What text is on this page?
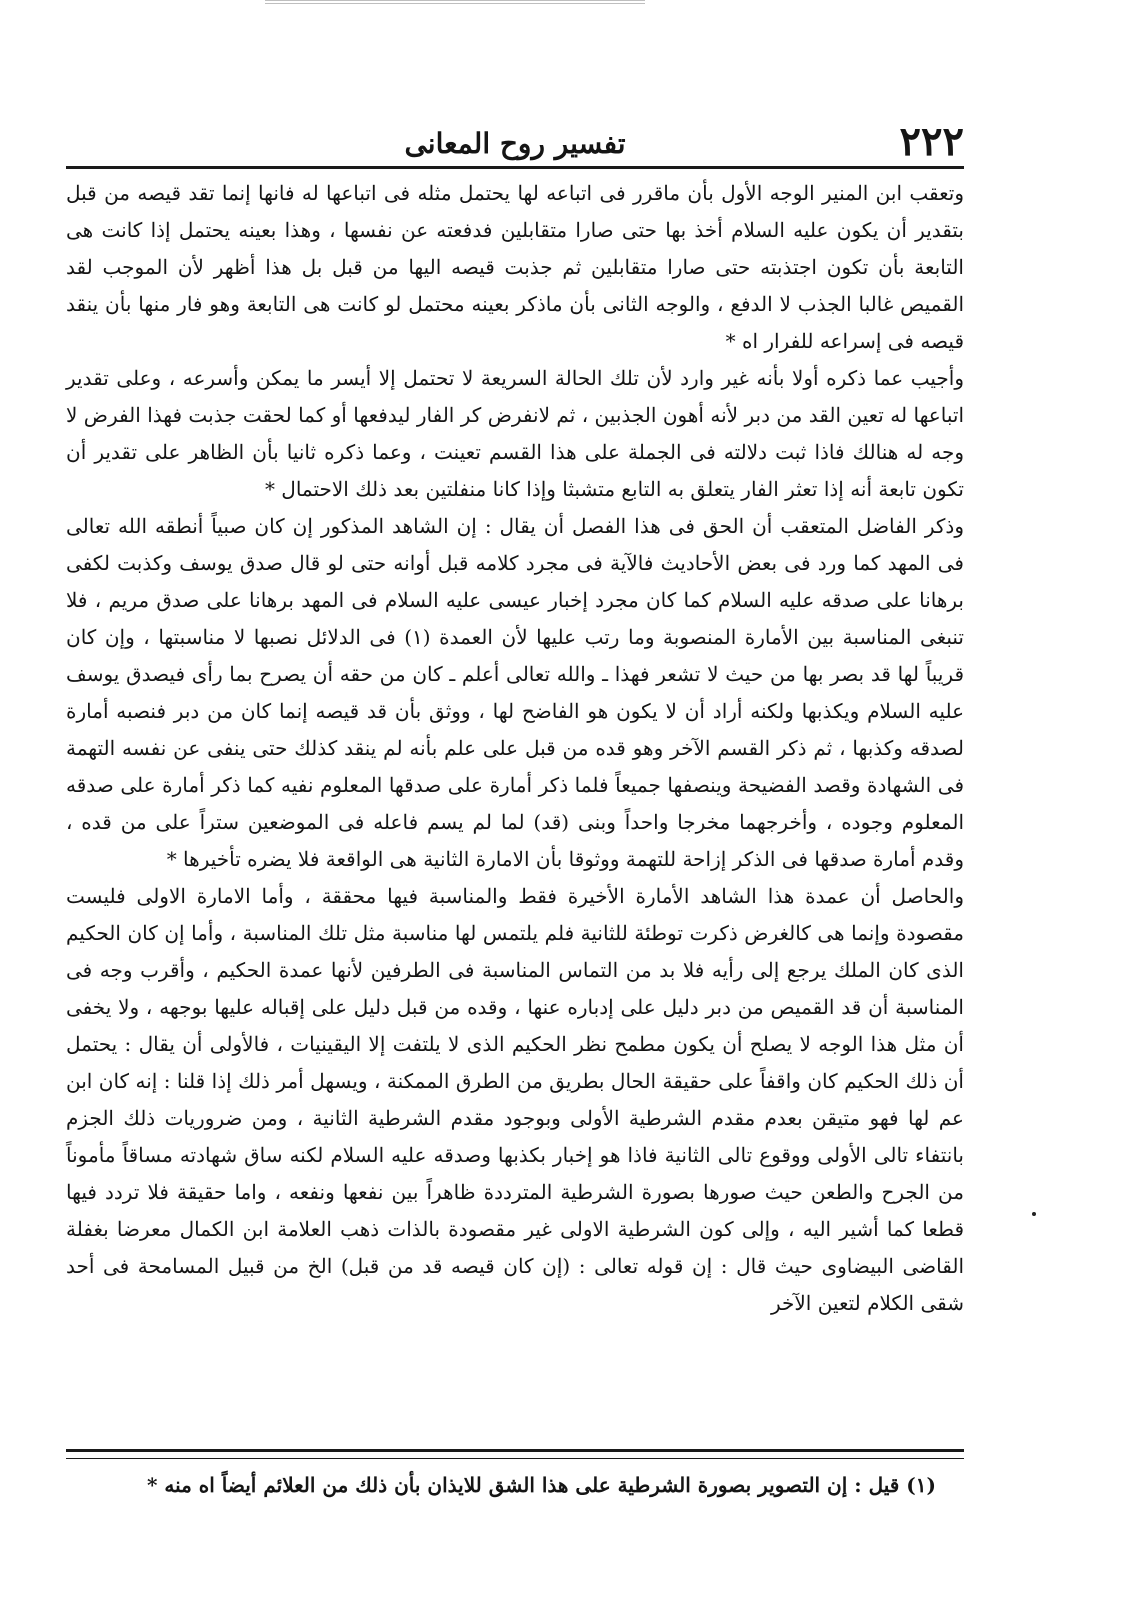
٢٢٢
تفسير روح المعانى

وتعقب ابن المنير الوجه الأول بأن ماقرر فى اتباعه لها يحتمل مثله فى اتباعها له فانها إنما تقد قيصه من قبل بتقدير أن يكون عليه السلام أخذ بها حتى صارا متقابلين فدفعته عن نفسها ، وهذا بعينه يحتمل إذا كانت هى التابعة بأن تكون اجتذبته حتى صارا متقابلين ثم جذبت قيصه اليها من قبل بل هذا أظهر لأن الموجب لقد القميص غالبا الجذب لا الدفع ، والوجه الثانى بأن ماذكر بعينه محتمل لو كانت هى التابعة وهو فار منها بأن ينقد قيصه فى إسراعه للفرار اه *

وأجيب عما ذكره أولا بأنه غير وارد لأن تلك الحالة السريعة لا تحتمل إلا أيسر ما يمكن وأسرعه ، وعلى تقدير اتباعها له تعين القد من دبر لأنه أهون الجذبين ، ثم لانفرض كر الفار ليدفعها أو كما لحقت جذبت فهذا الفرض لا وجه له هنالك فاذا ثبت دلالته فى الجملة على هذا القسم تعينت ، وعما ذكره ثانيا بأن الظاهر على تقدير أن تكون تابعة أنه إذا تعثر الفار يتعلق به التابع متشبثا وإذا كانا منفلتين بعد ذلك الاحتمال *

وذكر الفاضل المتعقب أن الحق فى هذا الفصل أن يقال : إن الشاهد المذكور إن كان صبياً أنطقه الله تعالى فى المهد كما ورد فى بعض الأحاديث فالآية فى مجرد كلامه قبل أوانه حتى لو قال صدق يوسف وكذبت لكفى برهانا على صدقه عليه السلام كما كان مجرد إخبار عيسى عليه السلام فى المهد برهانا على صدق مريم ، فلا تنبغى المناسبة بين الأمارة المنصوبة وما رتب عليها لأن العمدة (١) فى الدلائل نصبها لا مناسبتها ، وإن كان قريباً لها قد بصر بها من حيث لا تشعر فهذا ـ والله تعالى أعلم ـ كان من حقه أن يصرح بما رأى فيصدق يوسف عليه السلام ويكذبها ولكنه أراد أن لا يكون هو الفاضح لها ، ووثق بأن قد قيصه إنما كان من دبر فنصبه أمارة لصدقه وكذبها ، ثم ذكر القسم الآخر وهو قده من قبل على علم بأنه لم ينقد كذلك حتى ينفى عن نفسه التهمة فى الشهادة وقصد الفضيحة وينصفها جميعاً فلما ذكر أمارة على صدقها المعلوم نفيه كما ذكر أمارة على صدقه المعلوم وجوده ، وأخرجهما مخرجا واحداً وبنى (قد) لما لم يسم فاعله فى الموضعين ستراً على من قده ، وقدم أمارة صدقها فى الذكر إزاحة للتهمة ووثوقا بأن الامارة الثانية هى الواقعة فلا يضره تأخيرها *

والحاصل أن عمدة هذا الشاهد الأمارة الأخيرة فقط والمناسبة فيها محققة ، وأما الامارة الاولى فليست مقصودة وإنما هى كالغرض ذكرت توطئة للثانية فلم يلتمس لها مناسبة مثل تلك المناسبة ، وأما إن كان الحكيم الذى كان الملك يرجع إلى رأيه فلا بد من التماس المناسبة فى الطرفين لأنها عمدة الحكيم ، وأقرب وجه فى المناسبة أن قد القميص من دبر دليل على إدباره عنها ، وقده من قبل دليل على إقباله عليها بوجهه ، ولا يخفى أن مثل هذا الوجه لا يصلح أن يكون مطمح نظر الحكيم الذى لا يلتفت إلا اليقينيات ، فالأولى أن يقال : يحتمل أن ذلك الحكيم كان واقفاً على حقيقة الحال بطريق من الطرق الممكنة ، ويسهل أمر ذلك إذا قلنا : إنه كان ابن عم لها فهو متيقن بعدم مقدم الشرطية الأولى وبوجود مقدم الشرطية الثانية ، ومن ضروريات ذلك الجزم بانتفاء تالى الأولى ووقوع تالى الثانية فاذا هو إخبار بكذبها وصدقه عليه السلام لكنه ساق شهادته مساقاً مأموناً من الجرح والطعن حيث صورها بصورة الشرطية المترددة ظاهراً بين نفعها ونفعه ، واما حقيقة فلا تردد فيها قطعا كما أشير اليه ، وإلى كون الشرطية الاولى غير مقصودة بالذات ذهب العلامة ابن الكمال معرضا بغفلة القاضى البيضاوى حيث قال : إن قوله تعالى : (إن كان قيصه قد من قبل) الخ من قبيل المسامحة فى أحد شقى الكلام لتعين الآخر

(١) قيل : إن التصوير بصورة الشرطية على هذا الشق للايذان بأن ذلك من العلائم أيضاً اه منه *
